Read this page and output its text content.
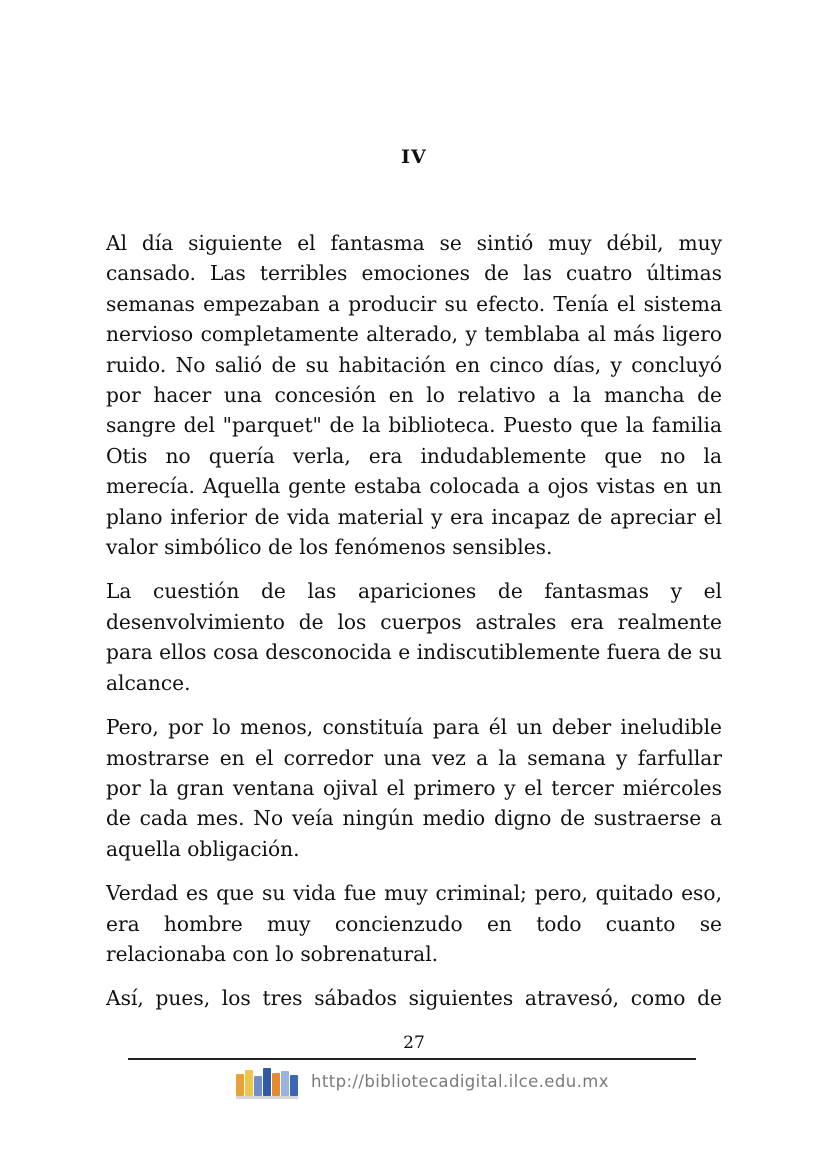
IV

Al día siguiente el fantasma se sintió muy débil, muy cansado. Las terribles emociones de las cuatro últimas semanas empezaban a producir su efecto. Tenía el sistema nervioso completamente alterado, y temblaba al más ligero ruido. No salió de su habitación en cinco días, y concluyó por hacer una concesión en lo relativo a la mancha de sangre del "parquet" de la biblioteca. Puesto que la familia Otis no quería verla, era indudablemente que no la merecía. Aquella gente estaba colocada a ojos vistas en un plano inferior de vida material y era incapaz de apreciar el valor simbólico de los fenómenos sensibles.

La cuestión de las apariciones de fantasmas y el desenvolvimiento de los cuerpos astrales era realmente para ellos cosa desconocida e indiscutiblemente fuera de su alcance.

Pero, por lo menos, constituía para él un deber ineludible mostrarse en el corredor una vez a la semana y farfullar por la gran ventana ojival el primero y el tercer miércoles de cada mes. No veía ningún medio digno de sustraerse a aquella obligación.

Verdad es que su vida fue muy criminal; pero, quitado eso, era hombre muy concienzudo en todo cuanto se relacionaba con lo sobrenatural.

Así, pues, los tres sábados siguientes atravesó, como de

27
http://bibliotecadigital.ilce.edu.mx
